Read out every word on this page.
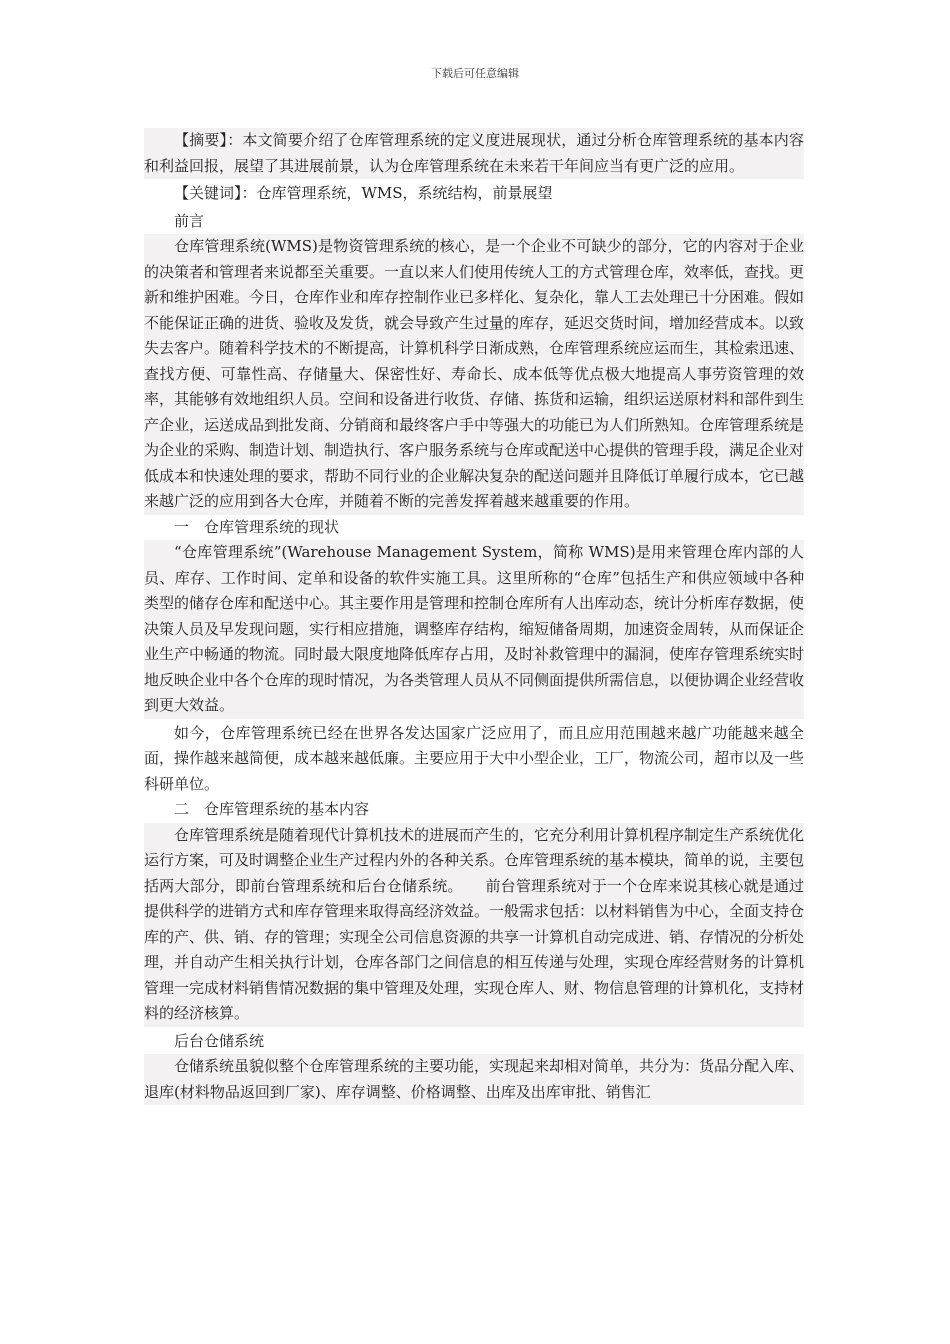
下载后可任意编辑

【摘要】：本文简要介绍了仓库管理系统的定义度进展现状，通过分析仓库管理系统的基本内容和利益回报，展望了其进展前景，认为仓库管理系统在未来若干年间应当有更广泛的应用。

【关键词】：仓库管理系统，WMS，系统结构，前景展望

前言

仓库管理系统(WMS)是物资管理系统的核心，是一个企业不可缺少的部分，它的内容对于企业的决策者和管理者来说都至关重要。一直以来人们使用传统人工的方式管理仓库，效率低，查找。更新和维护困难。今日，仓库作业和库存控制作业已多样化、复杂化，靠人工去处理已十分困难。假如不能保证正确的进货、验收及发货，就会导致产生过量的库存，延迟交货时间，增加经营成本。以致失去客户。随着科学技术的不断提高，计算机科学日渐成熟，仓库管理系统应运而生，其检索迅速、查找方便、可靠性高、存储量大、保密性好、寿命长、成本低等优点极大地提高人事劳资管理的效率，其能够有效地组织人员。空间和设备进行收货、存储、拣货和运输，组织运送原材料和部件到生产企业，运送成品到批发商、分销商和最终客户手中等强大的功能已为人们所熟知。仓库管理系统是为企业的采购、制造计划、制造执行、客户服务系统与仓库或配送中心提供的管理手段，满足企业对低成本和快速处理的要求，帮助不同行业的企业解决复杂的配送问题并且降低订单履行成本，它已越来越广泛的应用到各大仓库，并随着不断的完善发挥着越来越重要的作用。

一　仓库管理系统的现状

“仓库管理系统”(Warehouse Management System，简称 WMS)是用来管理仓库内部的人员、库存、工作时间、定单和设备的软件实施工具。这里所称的“仓库”包括生产和供应领域中各种类型的储存仓库和配送中心。其主要作用是管理和控制仓库所有人出库动态，统计分析库存数据，使决策人员及早发现问题，实行相应措施，调整库存结构，缩短储备周期，加速资金周转，从而保证企业生产中畅通的物流。同时最大限度地降低库存占用，及时补救管理中的漏洞，使库存管理系统实时地反映企业中各个仓库的现时情况，为各类管理人员从不同侧面提供所需信息，以便协调企业经营收到更大效益。

如今，仓库管理系统已经在世界各发达国家广泛应用了，而且应用范围越来越广功能越来越全面，操作越来越简便，成本越来越低廉。主要应用于大中小型企业，工厂，物流公司，超市以及一些科研单位。

二　仓库管理系统的基本内容

仓库管理系统是随着现代计算机技术的进展而产生的，它充分利用计算机程序制定生产系统优化运行方案，可及时调整企业生产过程内外的各种关系。仓库管理系统的基本模块，简单的说，主要包括两大部分，即前台管理系统和后台仓储系统。　　前台管理系统对于一个仓库来说其核心就是通过提供科学的进销方式和库存管理来取得高经济效益。一般需求包括：以材料销售为中心，全面支持仓库的产、供、销、存的管理；实现全公司信息资源的共享一计算机自动完成进、销、存情况的分析处理，并自动产生相关执行计划，仓库各部门之间信息的相互传递与处理，实现仓库经营财务的计算机管理一完成材料销售情况数据的集中管理及处理，实现仓库人、财、物信息管理的计算机化，支持材料的经济核算。

后台仓储系统

仓储系统虽貌似整个仓库管理系统的主要功能，实现起来却相对简单，共分为：货品分配入库、退库(材料物品返回到厂家)、库存调整、价格调整、出库及出库审批、销售汇
